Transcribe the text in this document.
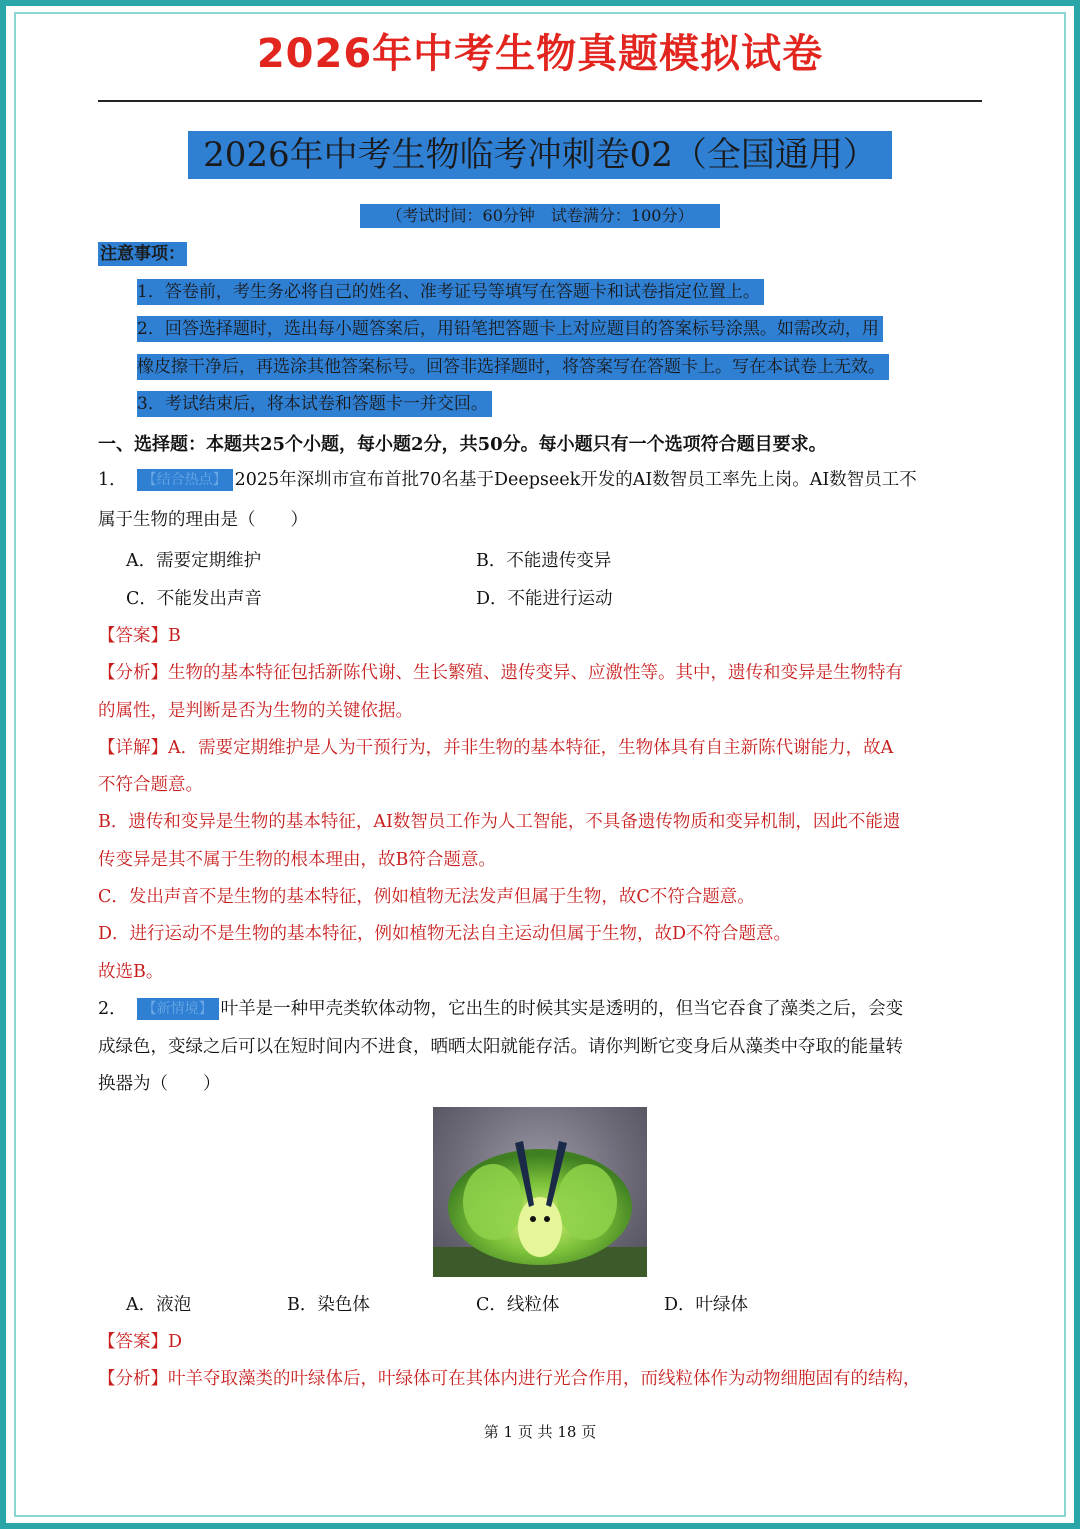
2026年中考生物真题模拟试卷
2026年中考生物临考冲刺卷02（全国通用）
（考试时间：60分钟　试卷满分：100分）
注意事项：
1．答卷前，考生务必将自己的姓名、准考证号等填写在答题卡和试卷指定位置上。
2．回答选择题时，选出每小题答案后，用铅笔把答题卡上对应题目的答案标号涂黑。如需改动，用
橡皮擦干净后，再选涂其他答案标号。回答非选择题时，将答案写在答题卡上。写在本试卷上无效。
3．考试结束后，将本试卷和答题卡一并交回。
一、选择题：本题共25个小题，每小题2分，共50分。每小题只有一个选项符合题目要求。
1． 【结合热点】 2025年深圳市宣布首批70名基于Deepseek开发的AI数智员工率先上岗。AI数智员工不
属于生物的理由是（　　）
A．需要定期维护	B．不能遗传变异
C．不能发出声音	D．不能进行运动
【答案】B
【分析】生物的基本特征包括新陈代谢、生长繁殖、遗传变异、应激性等。其中，遗传和变异是生物特有
的属性，是判断是否为生物的关键依据。
【详解】A．需要定期维护是人为干预行为，并非生物的基本特征，生物体具有自主新陈代谢能力，故A
不符合题意。
B．遗传和变异是生物的基本特征，AI数智员工作为人工智能，不具备遗传物质和变异机制，因此不能遗
传变异是其不属于生物的根本理由，故B符合题意。
C．发出声音不是生物的基本特征，例如植物无法发声但属于生物，故C不符合题意。
D．进行运动不是生物的基本特征，例如植物无法自主运动但属于生物，故D不符合题意。
故选B。
2． 【新情境】 叶羊是一种甲壳类软体动物，它出生的时候其实是透明的，但当它吞食了藻类之后，会变
成绿色，变绿之后可以在短时间内不进食，晒晒太阳就能存活。请你判断它变身后从藻类中夺取的能量转
换器为（　　）
A．液泡	B．染色体	C．线粒体	D．叶绿体
【答案】D
【分析】叶羊夺取藻类的叶绿体后，叶绿体可在其体内进行光合作用，而线粒体作为动物细胞固有的结构，
第 1 页 共 18 页
